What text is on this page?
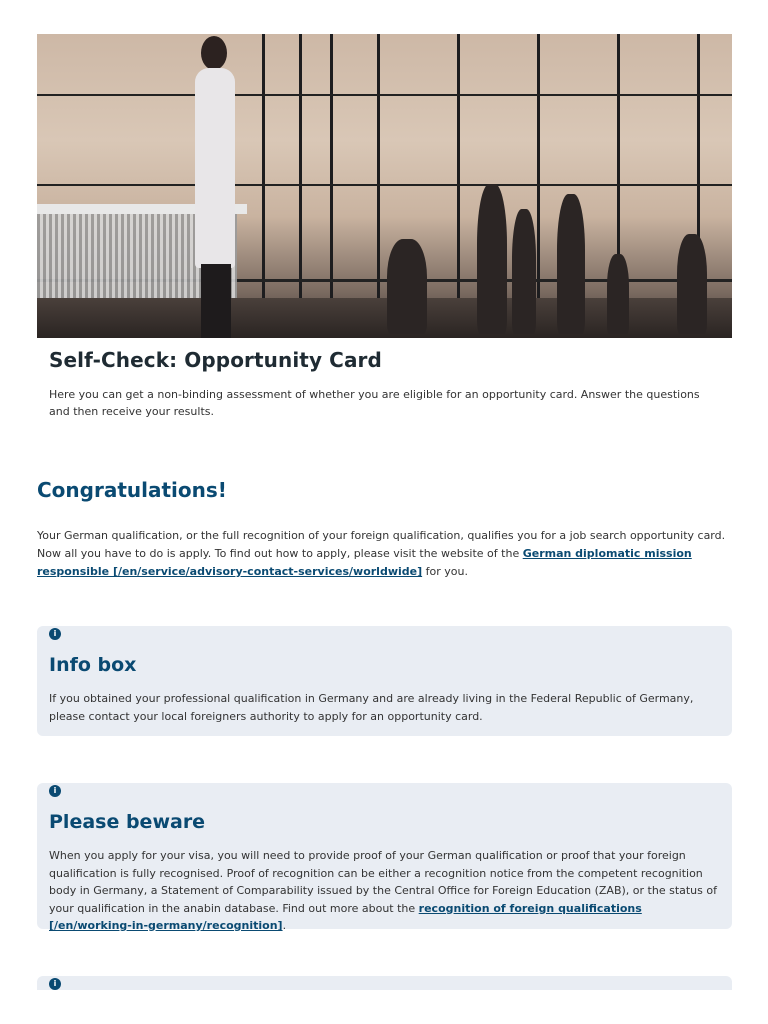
Self-Check: Opportunity Card

Here you can get a non-binding assessment of whether you are eligible for an opportunity card. Answer the questions and then receive your results.

Congratulations!

Your German qualification, or the full recognition of your foreign qualification, qualifies you for a job search opportunity card. Now all you have to do is apply. To find out how to apply, please visit the website of the German diplomatic mission responsible [/en/service/advisory-contact-services/worldwide] for you.

i
Info box

If you obtained your professional qualification in Germany and are already living in the Federal Republic of Germany, please contact your local foreigners authority to apply for an opportunity card.

i
Please beware

When you apply for your visa, you will need to provide proof of your German qualification or proof that your foreign qualification is fully recognised. Proof of recognition can be either a recognition notice from the competent recognition body in Germany, a Statement of Comparability issued by the Central Office for Foreign Education (ZAB), or the status of your qualification in the anabin database. Find out more about the recognition of foreign qualifications [/en/working-in-germany/recognition].

i
